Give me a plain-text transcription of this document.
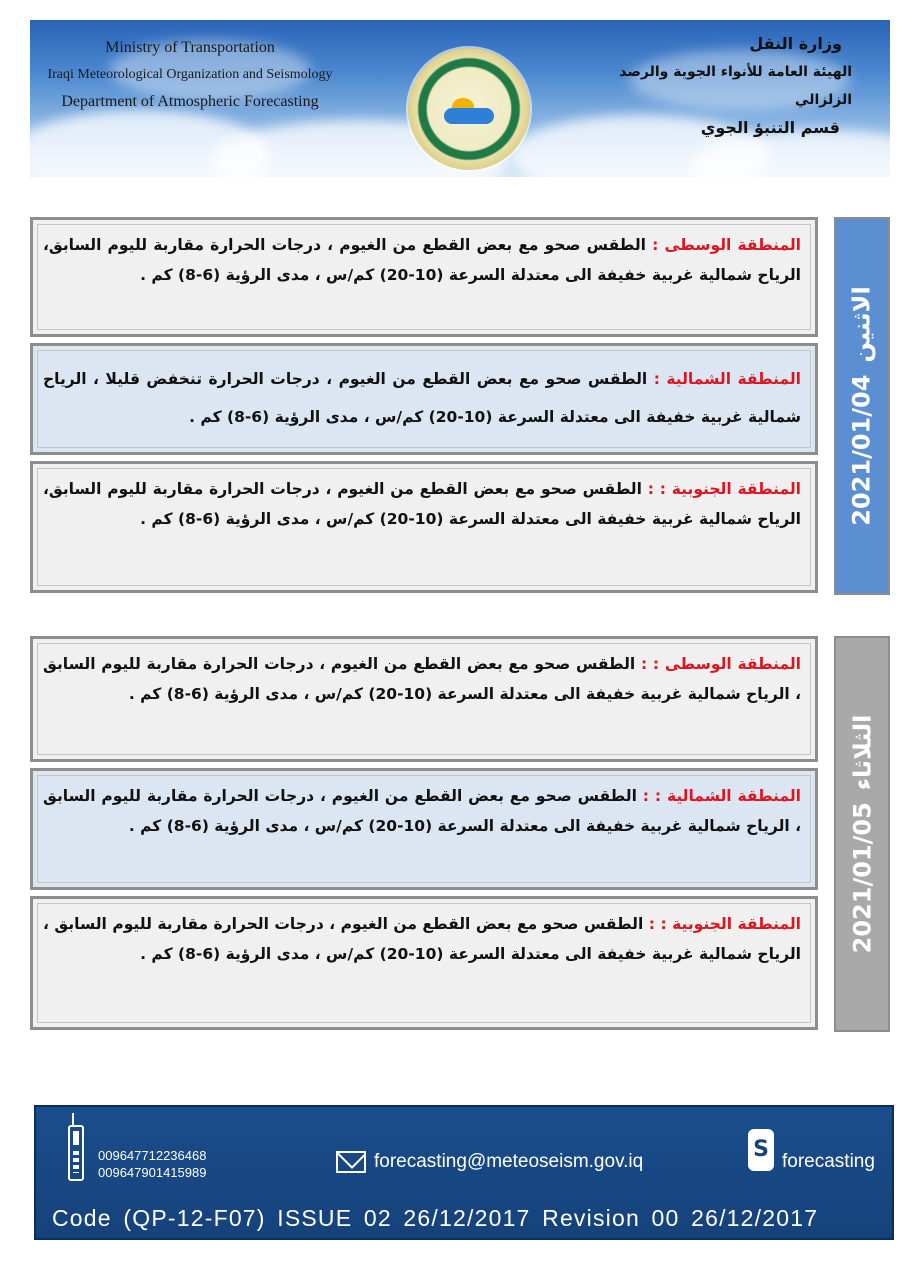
Ministry of Transportation
Iraqi Meteorological Organization and Seismology
Department of Atmospheric Forecasting
وزارة النقل
الهيئة العامة للأنواء الجوية والرصد الزلزالي
قسم التنبؤ الجوي
المنطقة الوسطى : الطقس صحو مع بعض القطع من الغيوم ، درجات الحرارة مقاربة لليوم السابق، الرياح شمالية غربية خفيفة الى معتدلة السرعة (10-20) كم/س ، مدى الرؤية (6-8) كم .
المنطقة الشمالية : الطقس صحو مع بعض القطع من الغيوم ، درجات الحرارة تنخفض قليلا ، الرياح شمالية غربية خفيفة الى معتدلة السرعة (10-20) كم/س ، مدى الرؤية (6-8) كم .
المنطقة الجنوبية : : الطقس صحو مع بعض القطع من الغيوم ، درجات الحرارة مقاربة لليوم السابق، الرياح شمالية غربية خفيفة الى معتدلة السرعة (10-20) كم/س ، مدى الرؤية (6-8) كم . 2021/01/04
الاثنين
المنطقة الوسطى : : الطقس صحو مع بعض القطع من الغيوم ، درجات الحرارة مقاربة لليوم السابق ، الرياح شمالية غربية خفيفة الى معتدلة السرعة (10-20) كم/س ، مدى الرؤية (6-8) كم .
المنطقة الشمالية : : الطقس صحو مع بعض القطع من الغيوم ، درجات الحرارة مقاربة لليوم السابق ، الرياح شمالية غربية خفيفة الى معتدلة السرعة (10-20) كم/س ، مدى الرؤية (6-8) كم .
المنطقة الجنوبية : : الطقس صحو مع بعض القطع من الغيوم ، درجات الحرارة مقاربة لليوم السابق ، الرياح شمالية غربية خفيفة الى معتدلة السرعة (10-20) كم/س ، مدى الرؤية (6-8) كم .
2021/01/05
الثلاثاء
009647712236468
009647901415989
forecasting@meteoseism.gov.iq	S forecasting
Code (QP-12-F07) ISSUE 02 26/12/2017 Revision 00 26/12/2017
